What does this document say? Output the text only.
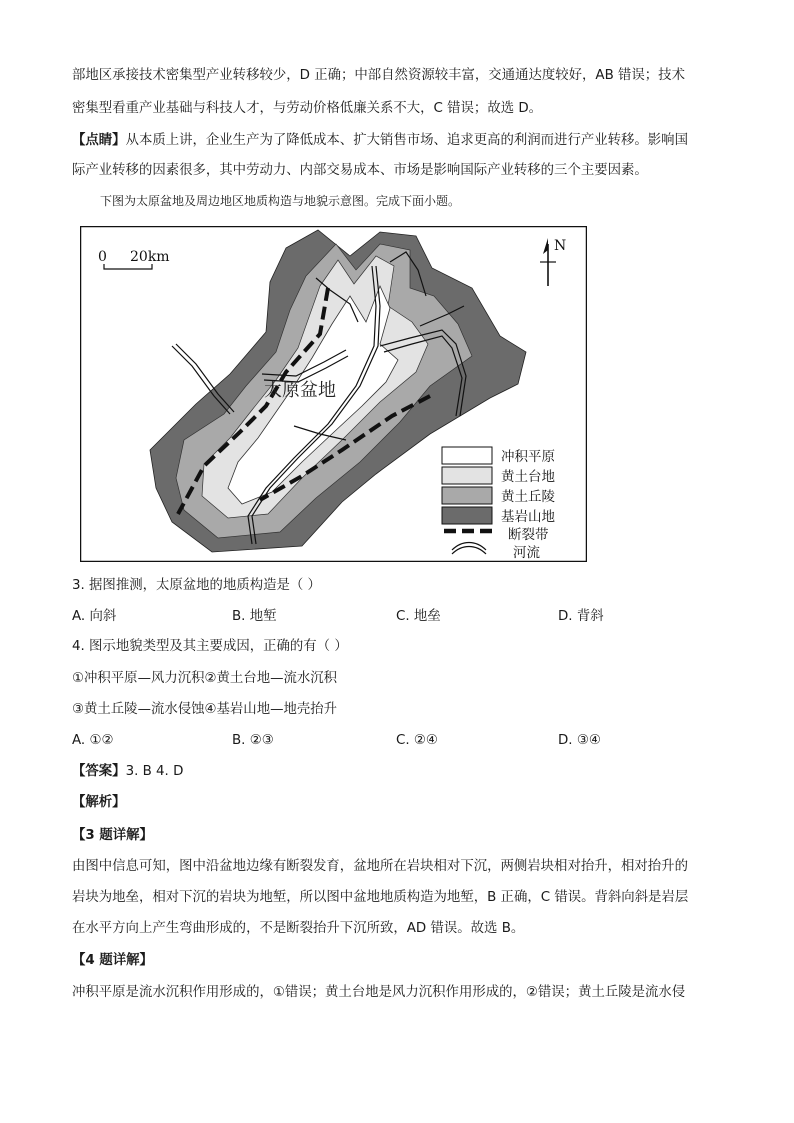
部地区承接技术密集型产业转移较少，D 正确；中部自然资源较丰富，交通通达度较好，AB 错误；技术
密集型看重产业基础与科技人才，与劳动价格低廉关系不大，C 错误；故选 D。
【点睛】从本质上讲，企业生产为了降低成本、扩大销售市场、追求更高的利润而进行产业转移。影响国
际产业转移的因素很多，其中劳动力、内部交易成本、市场是影响国际产业转移的三个主要因素。
下图为太原盆地及周边地区地质构造与地貌示意图。完成下面小题。
0 20km
N
太原盆地
冲积平原
黄土台地
黄土丘陵
基岩山地
断裂带
河流
3. 据图推测，太原盆地的地质构造是（ ）
A. 向斜	B. 地堑	C. 地垒	D. 背斜
4. 图示地貌类型及其主要成因，正确的有（ ）
①冲积平原—风力沉积②黄土台地—流水沉积
③黄土丘陵—流水侵蚀④基岩山地—地壳抬升
A. ①②	B. ②③	C. ②④	D. ③④
【答案】3. B 4. D
【解析】
【3 题详解】
由图中信息可知，图中沿盆地边缘有断裂发育，盆地所在岩块相对下沉，两侧岩块相对抬升，相对抬升的
岩块为地垒，相对下沉的岩块为地堑，所以图中盆地地质构造为地堑，B 正确，C 错误。背斜向斜是岩层
在水平方向上产生弯曲形成的，不是断裂抬升下沉所致，AD 错误。故选 B。
【4 题详解】
冲积平原是流水沉积作用形成的，①错误；黄土台地是风力沉积作用形成的，②错误；黄土丘陵是流水侵
